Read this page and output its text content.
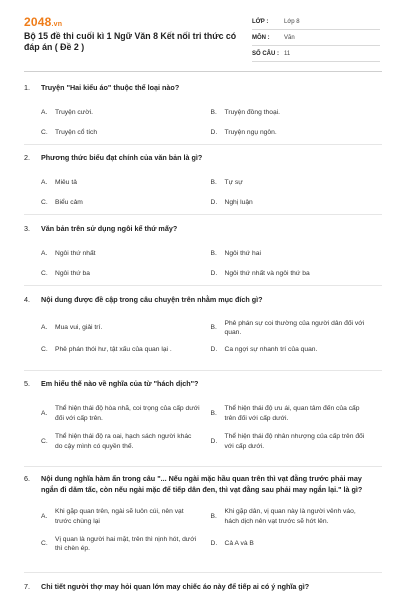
2048.vn
Bộ 15 đề thi cuối kì 1 Ngữ Văn 8 Kết nối tri thức có đáp án ( Đề 2 )
LỚP :	Lớp 8
MÔN :	Văn
SỐ CÂU : 11
1.	Truyện "Hai kiểu áo" thuộc thể loại nào?
A.	Truyện cười.	B.	Truyện đồng thoại.
C.	Truyện cổ tích	D.	Truyện ngụ ngôn.
2.	Phương thức biểu đạt chính của văn bản là gì?
A.	Miêu tả	B.	Tự sự
C.	Biểu cảm	D.	Nghị luận
3.	Văn bản trên sử dụng ngôi kể thứ mấy?
A.	Ngôi thứ nhất	B.	Ngôi thứ hai
C.	Ngôi thứ ba	D.	Ngôi thứ nhất và ngôi thứ ba
4.	Nội dung được đề cập trong câu chuyện trên nhằm mục đích gì?
A.	Mua vui, giải trí.	B.
Phê phán sự coi thường của người dân đối với quan.
C.	Phê phán thói hư, tật xấu của quan lại .	D.	Ca ngợi sự nhanh trí của quan.
5.	Em hiểu thế nào về nghĩa của từ "hách dịch"?
A.
Thể hiện thái độ hòa nhã, coi trọng của cấp dưới đối với cấp trên.
B.
Thể hiện thái độ ưu ái, quan tâm đến của cấp trên đối với cấp dưới.
C.
Thể hiện thái độ ra oai, hạch sách người khác do cậy mình có quyền thế.
D.
Thể hiện thái độ nhân nhượng của cấp trên đối với cấp dưới.
6.	Nội dung nghĩa hàm ẩn trong câu "... Nếu ngài mặc hầu quan trên thì vạt đằng trước phải may ngắn đi dăm tấc, còn nếu ngài mặc để tiếp dân đen, thì vạt đằng sau phải may ngắn lại." là gì?
A.
Khi gặp quan trên, ngài sẽ luôn cúi, nên vạt trước chùng lại
B.
Khi gặp dân, vị quan này là người vênh váo, hách dịch nên vạt trước sẽ hớt lên.
C.
Vị quan là người hai mặt, trên thì nịnh hót, dưới thì chèn ép.
D.	Cả A và B
7.	Chi tiết người thợ may hỏi quan lớn may chiếc áo này để tiếp ai có ý nghĩa gì?
